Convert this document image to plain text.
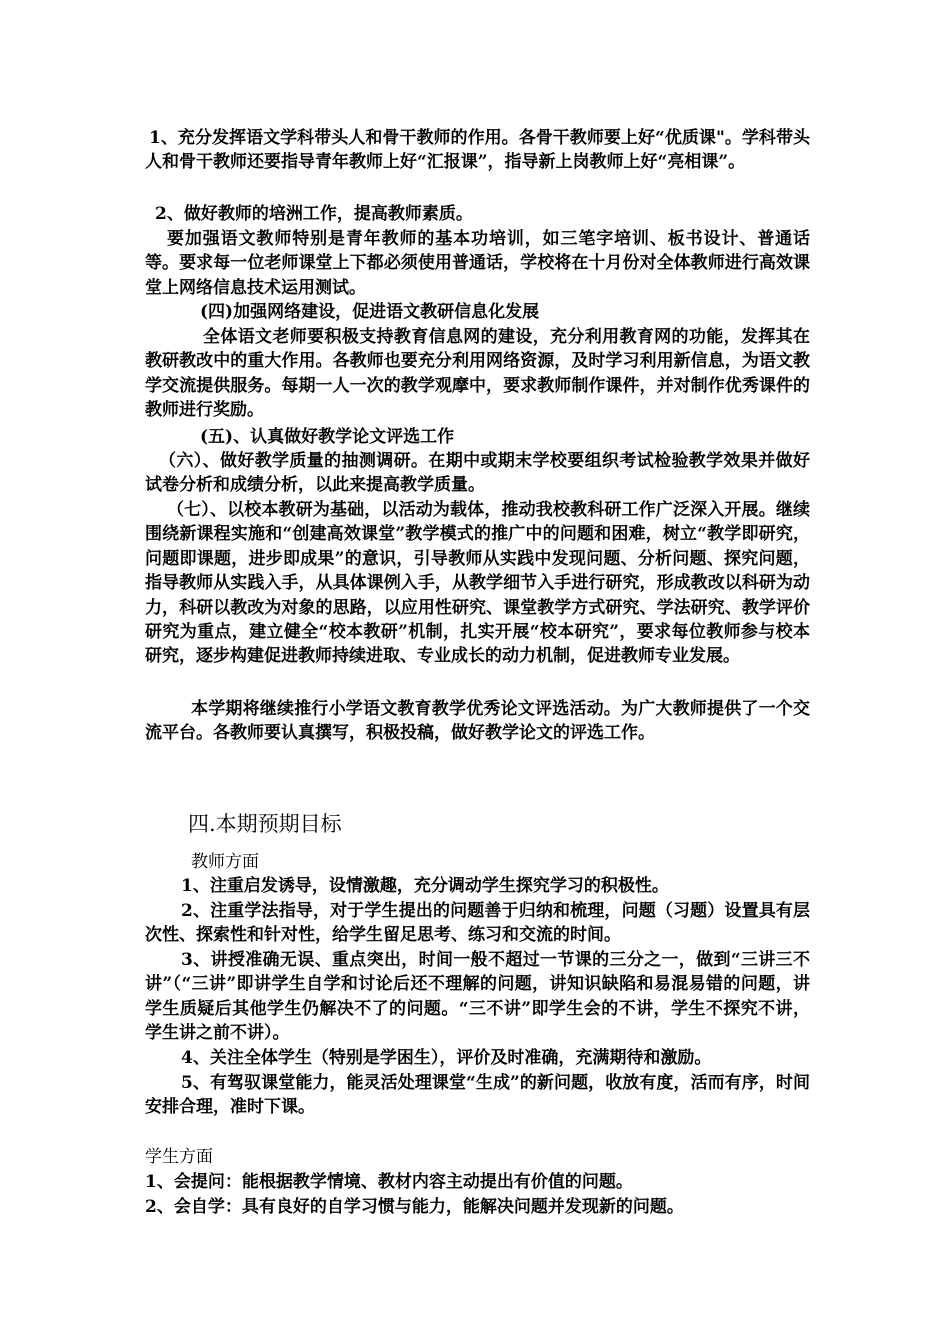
1、充分发挥语文学科带头人和骨干教师的作用。各骨干教师要上好“优质课"。学科带头人和骨干教师还要指导青年教师上好“汇报课”，指导新上岗教师上好“亮相课”。

2、做好教师的培洲工作，提高教师素质。

要加强语文教师特别是青年教师的基本功培训，如三笔字培训、板书设计、普通话等。要求每一位老师课堂上下都必须使用普通话，学校将在十月份对全体教师进行高效课堂上网络信息技术运用测试。

(四)加强网络建设，促进语文教研信息化发展

全体语文老师要积极支持教育信息网的建设，充分利用教育网的功能，发挥其在教研教改中的重大作用。各教师也要充分利用网络资源，及时学习利用新信息，为语文教学交流提供服务。每期一人一次的教学观摩中，要求教师制作课件，并对制作优秀课件的教师进行奖励。

(五)、认真做好教学论文评选工作

（六）、做好教学质量的抽测调研。在期中或期末学校要组织考试检验教学效果并做好试卷分析和成绩分析，以此来提高教学质量。

（七）、以校本教研为基础，以活动为载体，推动我校教科研工作广泛深入开展。继续围绕新课程实施和“创建高效课堂”教学模式的推广中的问题和困难，树立“教学即研究，问题即课题，进步即成果”的意识，引导教师从实践中发现问题、分析问题、探究问题，指导教师从实践入手，从具体课例入手，从教学细节入手进行研究，形成教改以科研为动力，科研以教改为对象的思路，以应用性研究、课堂教学方式研究、学法研究、教学评价研究为重点，建立健全“校本教研”机制，扎实开展“校本研究”，要求每位教师参与校本研究，逐步构建促进教师持续进取、专业成长的动力机制，促进教师专业发展。

本学期将继续推行小学语文教育教学优秀论文评选活动。为广大教师提供了一个交流平台。各教师要认真撰写，积极投稿，做好教学论文的评选工作。

四.本期预期目标

教师方面

1、注重启发诱导，设情激趣，充分调动学生探究学习的积极性。

2、注重学法指导，对于学生提出的问题善于归纳和梳理，问题（习题）设置具有层次性、探索性和针对性，给学生留足思考、练习和交流的时间。

3、讲授准确无误、重点突出，时间一般不超过一节课的三分之一，做到“三讲三不讲”（“三讲”即讲学生自学和讨论后还不理解的问题，讲知识缺陷和易混易错的问题，讲学生质疑后其他学生仍解决不了的问题。“三不讲”即学生会的不讲，学生不探究不讲，学生讲之前不讲）。

4、关注全体学生（特别是学困生），评价及时准确，充满期待和激励。

5、有驾驭课堂能力，能灵活处理课堂“生成”的新问题，收放有度，活而有序，时间安排合理，准时下课。

学生方面

1、会提问：能根据教学情境、教材内容主动提出有价值的问题。

2、会自学：具有良好的自学习惯与能力，能解决问题并发现新的问题。
